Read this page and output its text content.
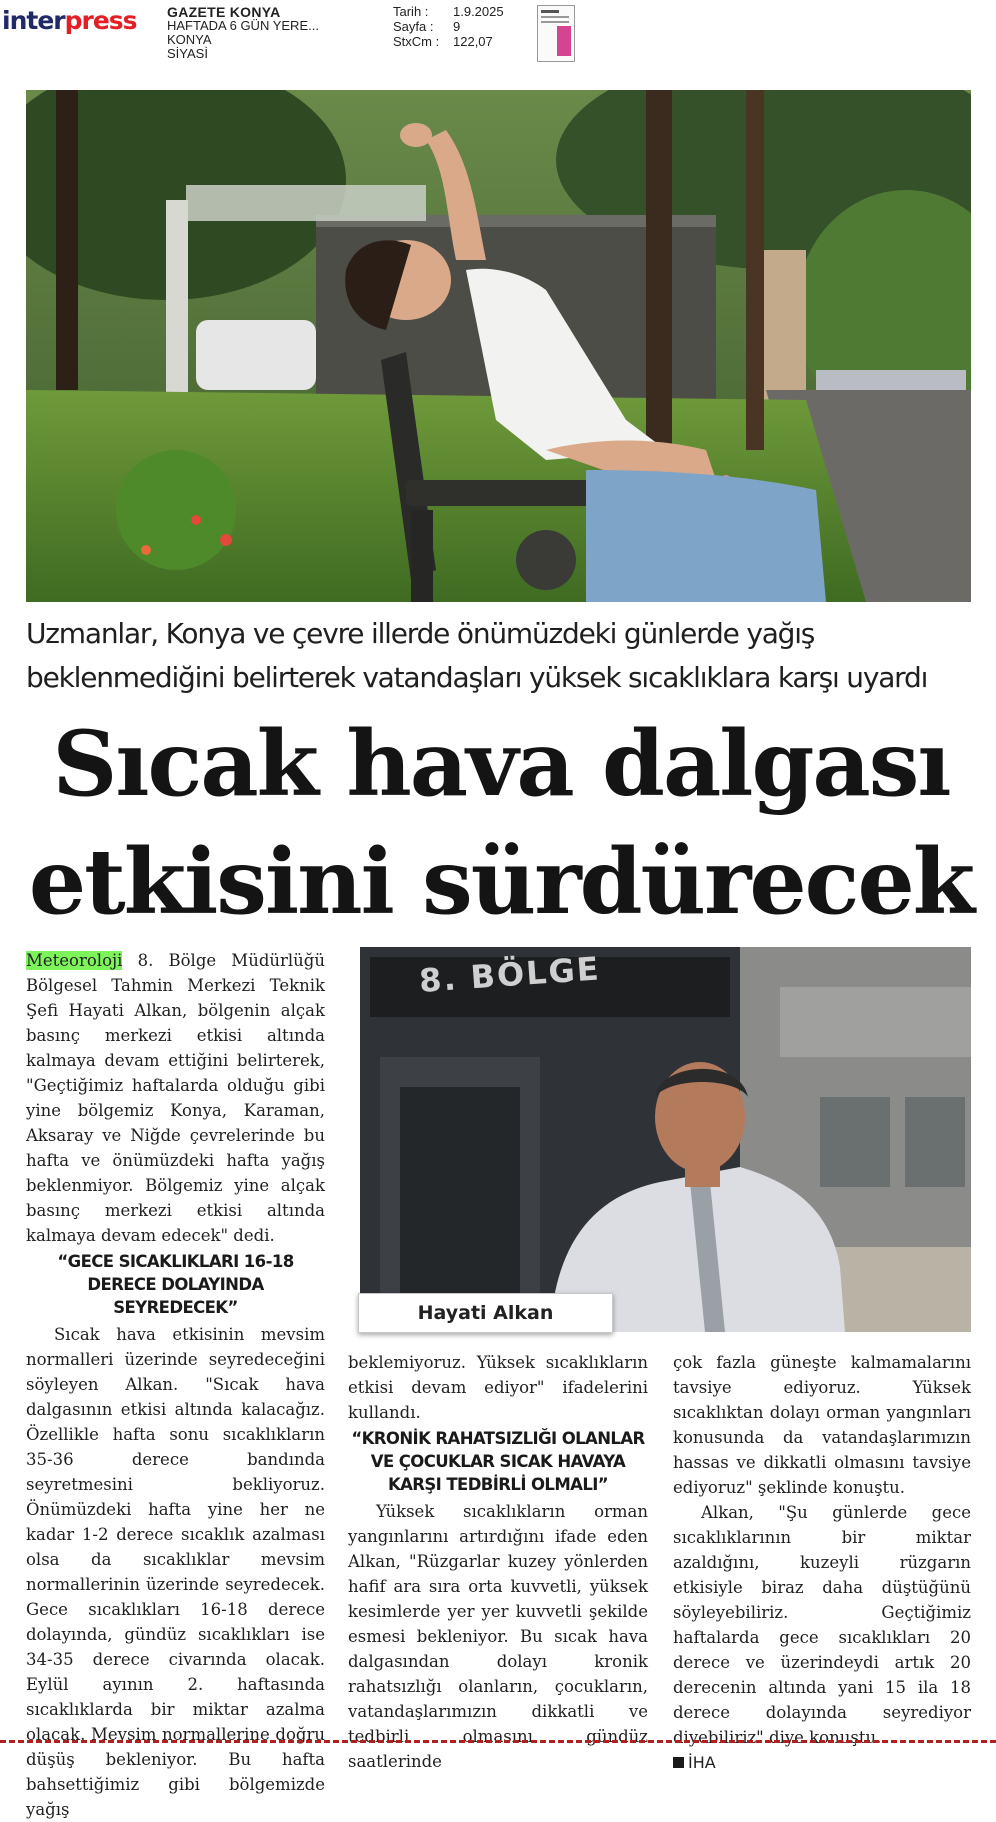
interpress GAZETE KONYA
HAFTADA 6 GÜN YERE...
KONYA
SİYASİ
Tarih :	1.9.2025
Sayfa :	9
StxCm :	122,07
Uzmanlar, Konya ve çevre illerde önümüzdeki günlerde yağış beklenmediğini belirterek vatandaşları yüksek sıcaklıklara karşı uyardı
Sıcak hava dalgası
etkisini sürdürecek

Meteoroloji 8. Bölge Müdürlüğü Bölgesel Tahmin Merkezi Teknik Şefi Hayati Alkan, bölgenin alçak basınç merkezi etkisi altında kalmaya devam ettiğini belirterek, "Geçtiğimiz haftalarda olduğu gibi yine bölgemiz Konya, Karaman, Aksaray ve Niğde çevrelerinde bu hafta ve önümüzdeki hafta yağış beklenmiyor. Bölgemiz yine alçak basınç merkezi etkisi altında kalmaya devam edecek" dedi.

“GECE SICAKLIKLARI 16-18 DERECE DOLAYINDA SEYREDECEK”

Sıcak hava etkisinin mevsim normalleri üzerinde seyredeceğini söyleyen Alkan. "Sıcak hava dalgasının etkisi altında kalacağız. Özellikle hafta sonu sıcaklıkların 35-36 derece bandında seyretmesini bekliyoruz. Önümüzdeki hafta yine her ne kadar 1-2 derece sıcaklık azalması olsa da sıcaklıklar mevsim normallerinin üzerinde seyredecek. Gece sıcaklıkları 16-18 derece dolayında, gündüz sıcaklıkları ise 34-35 derece civarında olacak. Eylül ayının 2. haftasında sıcaklıklarda bir miktar azalma olacak. Mevsim normallerine doğru düşüş bekleniyor. Bu hafta bahsettiğimiz gibi bölgemizde yağış

8. BÖLGE
Hayati Alkan

beklemiyoruz. Yüksek sıcaklıkların etkisi devam ediyor" ifadelerini kullandı.

“KRONİK RAHATSIZLIĞI OLANLAR VE ÇOCUKLAR SICAK HAVAYA KARŞI TEDBİRLİ OLMALI”

Yüksek sıcaklıkların orman yangınlarını artırdığını ifade eden Alkan, "Rüzgarlar kuzey yönlerden hafif ara sıra orta kuvvetli, yüksek kesimlerde yer yer kuvvetli şekilde esmesi bekleniyor. Bu sıcak hava dalgasından dolayı kronik rahatsızlığı olanların, çocukların, vatandaşlarımızın dikkatli ve tedbirli olmasını gündüz saatlerinde

çok fazla güneşte kalmamalarını tavsiye ediyoruz. Yüksek sıcaklıktan dolayı orman yangınları konusunda da vatandaşlarımızın hassas ve dikkatli olmasını tavsiye ediyoruz" şeklinde konuştu.

Alkan, "Şu günlerde gece sıcaklıklarının bir miktar azaldığını, kuzeyli rüzgarın etkisiyle biraz daha düştüğünü söyleyebiliriz. Geçtiğimiz haftalarda gece sıcaklıkları 20 derece ve üzerindeydi artık 20 derecenin altında yani 15 ila 18 derece dolayında seyrediyor diyebiliriz" diye konuştu.

İHA
